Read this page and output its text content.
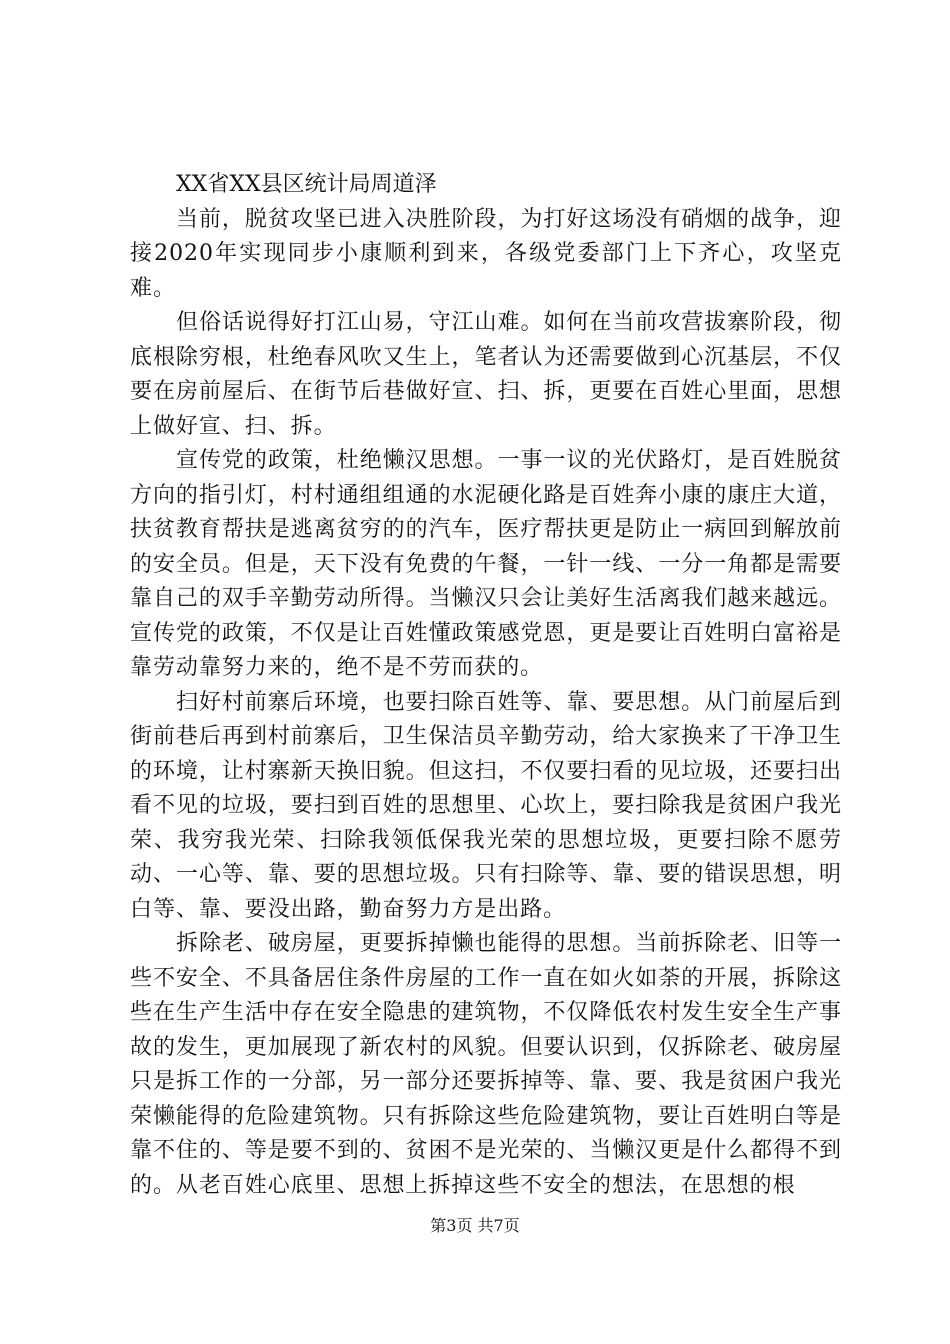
XX省XX县区统计局周道泽

当前，脱贫攻坚已进入决胜阶段，为打好这场没有硝烟的战争，迎接2020年实现同步小康顺利到来，各级党委部门上下齐心，攻坚克难。

但俗话说得好打江山易，守江山难。如何在当前攻营拔寨阶段，彻底根除穷根，杜绝春风吹又生上，笔者认为还需要做到心沉基层，不仅要在房前屋后、在街节后巷做好宣、扫、拆，更要在百姓心里面，思想上做好宣、扫、拆。

宣传党的政策，杜绝懒汉思想。一事一议的光伏路灯，是百姓脱贫方向的指引灯，村村通组组通的水泥硬化路是百姓奔小康的康庄大道，扶贫教育帮扶是逃离贫穷的的汽车，医疗帮扶更是防止一病回到解放前的安全员。但是，天下没有免费的午餐，一针一线、一分一角都是需要靠自己的双手辛勤劳动所得。当懒汉只会让美好生活离我们越来越远。宣传党的政策，不仅是让百姓懂政策感党恩，更是要让百姓明白富裕是靠劳动靠努力来的，绝不是不劳而获的。

扫好村前寨后环境，也要扫除百姓等、靠、要思想。从门前屋后到街前巷后再到村前寨后，卫生保洁员辛勤劳动，给大家换来了干净卫生的环境，让村寨新天换旧貌。但这扫，不仅要扫看的见垃圾，还要扫出看不见的垃圾，要扫到百姓的思想里、心坎上，要扫除我是贫困户我光荣、我穷我光荣、扫除我领低保我光荣的思想垃圾，更要扫除不愿劳动、一心等、靠、要的思想垃圾。只有扫除等、靠、要的错误思想，明白等、靠、要没出路，勤奋努力方是出路。

拆除老、破房屋，更要拆掉懒也能得的思想。当前拆除老、旧等一些不安全、不具备居住条件房屋的工作一直在如火如荼的开展，拆除这些在生产生活中存在安全隐患的建筑物，不仅降低农村发生安全生产事故的发生，更加展现了新农村的风貌。但要认识到，仅拆除老、破房屋只是拆工作的一分部，另一部分还要拆掉等、靠、要、我是贫困户我光荣懒能得的危险建筑物。只有拆除这些危险建筑物，要让百姓明白等是靠不住的、等是要不到的、贫困不是光荣的、当懒汉更是什么都得不到的。从老百姓心底里、思想上拆掉这些不安全的想法，在思想的根

第3页 共7页
